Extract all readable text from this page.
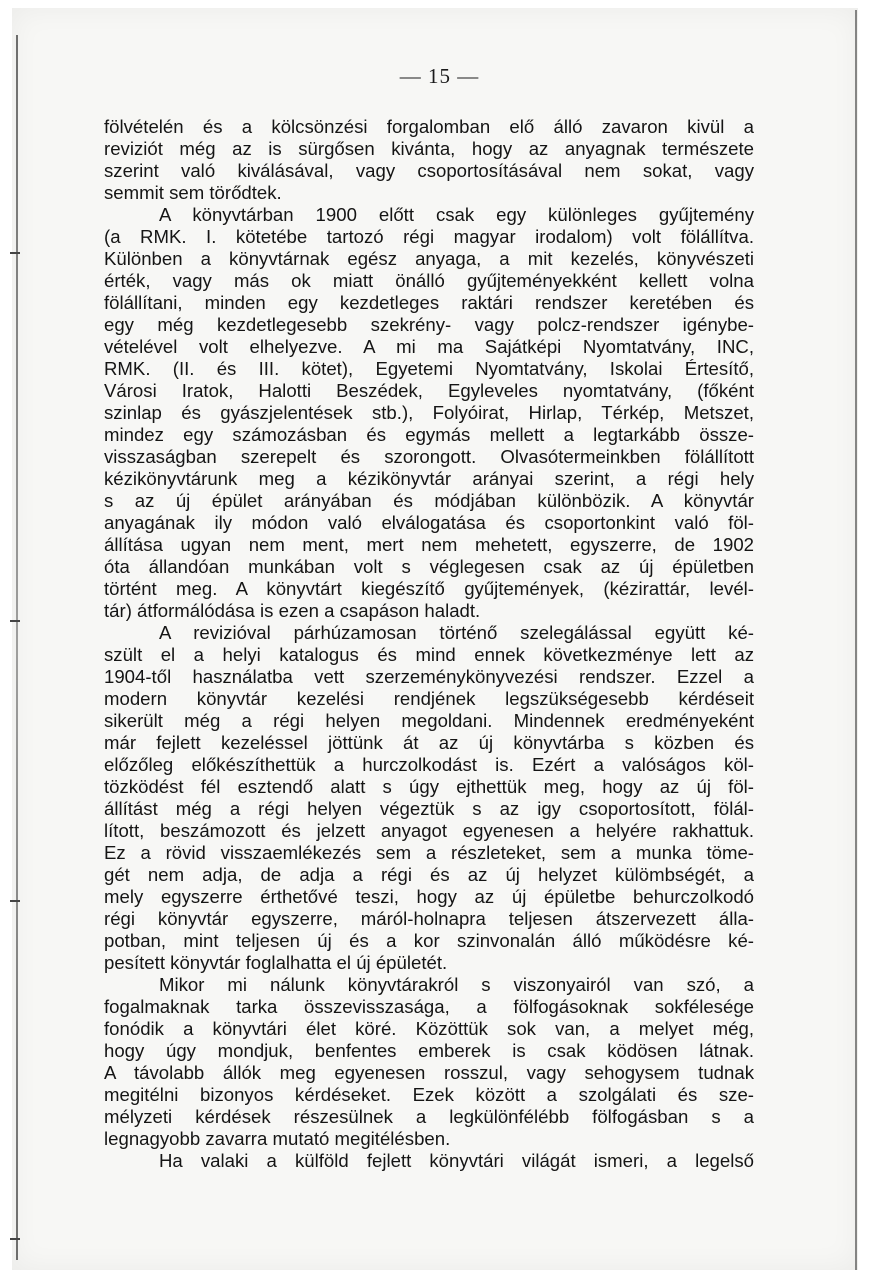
— 15 —
fölvételén és a kölcsönzési forgalomban elő álló zavaron kivül a
reviziót még az is sürgősen kivánta, hogy az anyagnak természete
szerint való kiválásával, vagy csoportosításával nem sokat, vagy
semmit sem törődtek.
A könyvtárban 1900 előtt csak egy különleges gyűjtemény
(a RMK. I. kötetébe tartozó régi magyar irodalom) volt fölállítva.
Különben a könyvtárnak egész anyaga, a mit kezelés, könyvészeti
érték, vagy más ok miatt önálló gyűjteményekként kellett volna
fölállítani, minden egy kezdetleges raktári rendszer keretében és
egy még kezdetlegesebb szekrény- vagy polcz-rendszer igénybe-
vételével volt elhelyezve. A mi ma Sajátképi Nyomtatvány, INC,
RMK. (II. és III. kötet), Egyetemi Nyomtatvány, Iskolai Értesítő,
Városi Iratok, Halotti Beszédek, Egyleveles nyomtatvány, (főként
szinlap és gyászjelentések stb.), Folyóirat, Hirlap, Térkép, Metszet,
mindez egy számozásban és egymás mellett a legtarkább össze-
visszaságban szerepelt és szorongott. Olvasótermeinkben fölállított
kézikönyvtárunk meg a kézikönyvtár arányai szerint, a régi hely
s az új épület arányában és módjában különbözik. A könyvtár
anyagának ily módon való elválogatása és csoportonkint való föl-
állítása ugyan nem ment, mert nem mehetett, egyszerre, de 1902
óta állandóan munkában volt s véglegesen csak az új épületben
történt meg. A könyvtárt kiegészítő gyűjtemények, (kézirattár, levél-
tár) átformálódása is ezen a csapáson haladt.
A revizióval párhúzamosan történő szelegálással együtt ké-
szült el a helyi katalogus és mind ennek következménye lett az
1904-től használatba vett szerzeménykönyvezési rendszer. Ezzel a
modern könyvtár kezelési rendjének legszükségesebb kérdéseit
sikerült még a régi helyen megoldani. Mindennek eredményeként
már fejlett kezeléssel jöttünk át az új könyvtárba s közben és
előzőleg előkészíthettük a hurczolkodást is. Ezért a valóságos köl-
tözködést fél esztendő alatt s úgy ejthettük meg, hogy az új föl-
állítást még a régi helyen végeztük s az igy csoportosított, fölál-
lított, beszámozott és jelzett anyagot egyenesen a helyére rakhattuk.
Ez a rövid visszaemlékezés sem a részleteket, sem a munka töme-
gét nem adja, de adja a régi és az új helyzet külömbségét, a
mely egyszerre érthetővé teszi, hogy az új épületbe behurczolkodó
régi könyvtár egyszerre, máról-holnapra teljesen átszervezett álla-
potban, mint teljesen új és a kor szinvonalán álló működésre ké-
pesített könyvtár foglalhatta el új épületét.
Mikor mi nálunk könyvtárakról s viszonyairól van szó, a
fogalmaknak tarka összevisszasága, a fölfogásoknak sokfélesége
fonódik a könyvtári élet köré. Közöttük sok van, a melyet még,
hogy úgy mondjuk, benfentes emberek is csak ködösen látnak.
A távolabb állók meg egyenesen rosszul, vagy sehogysem tudnak
megitélni bizonyos kérdéseket. Ezek között a szolgálati és sze-
mélyzeti kérdések részesülnek a legkülönfélébb fölfogásban s a
legnagyobb zavarra mutató megitélésben.
Ha valaki a külföld fejlett könyvtári világát ismeri, a legelső
